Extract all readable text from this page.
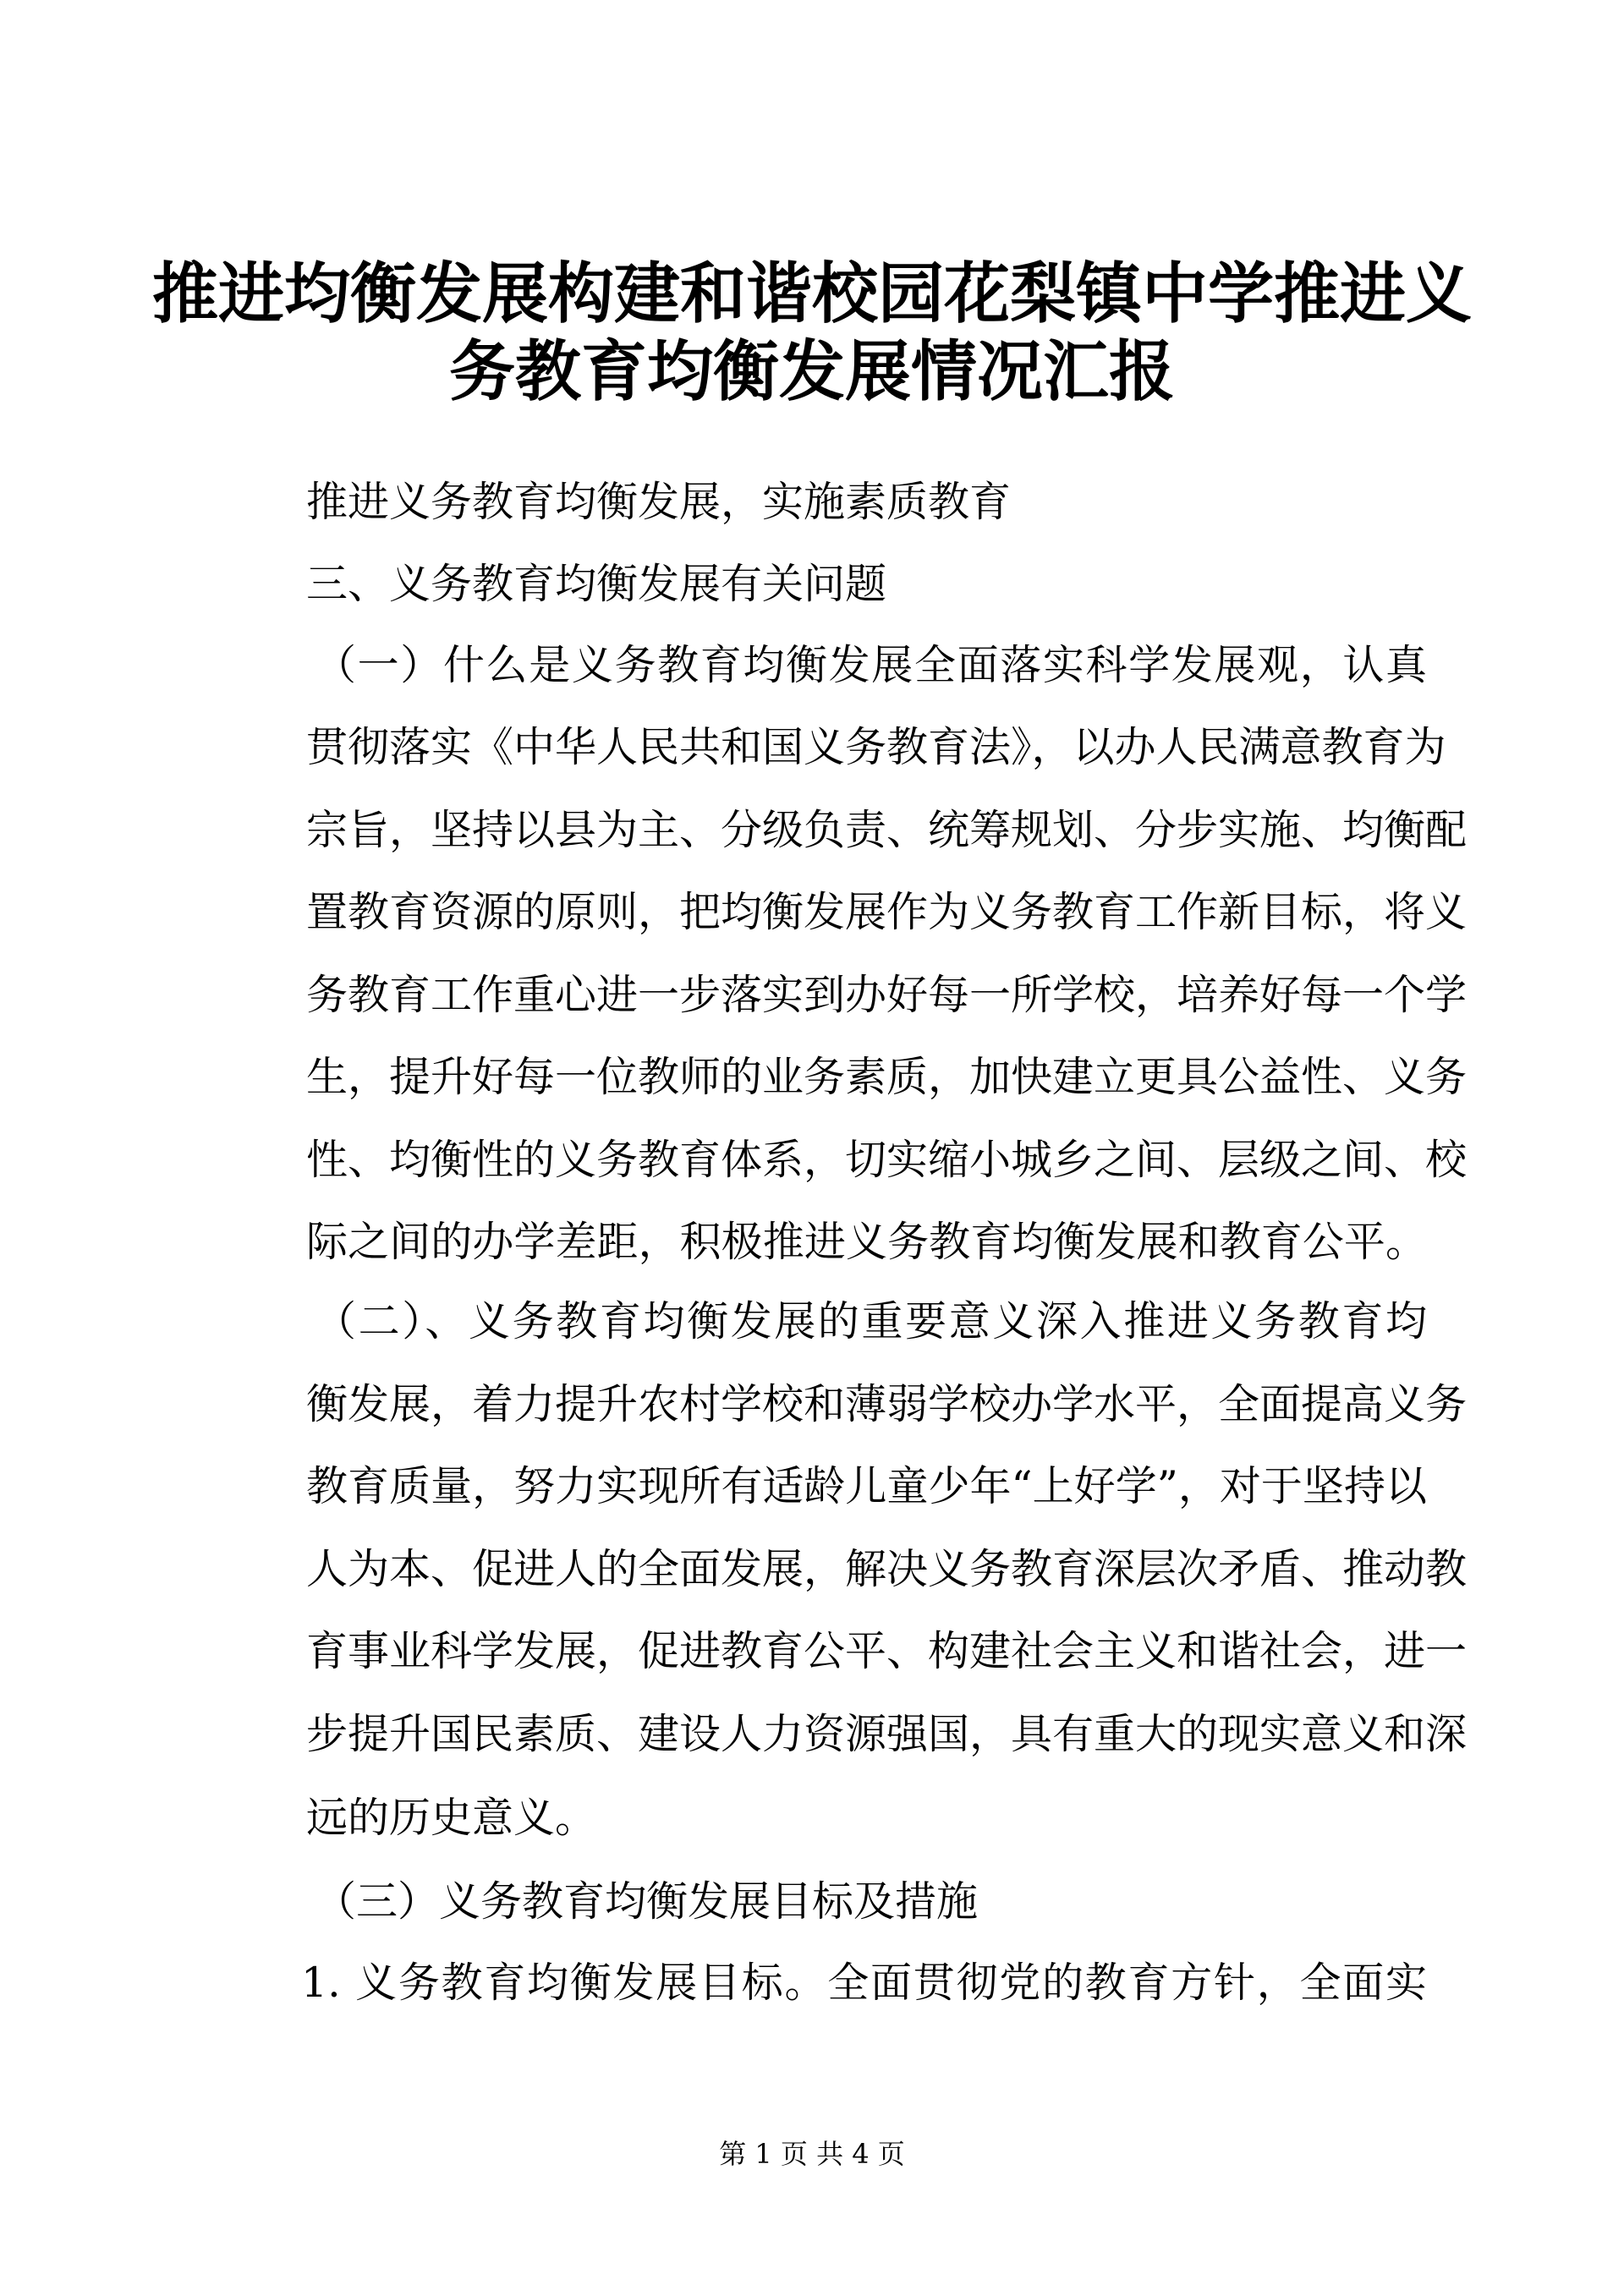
推进均衡发展构建和谐校园花梨镇中学推进义
务教育均衡发展情况汇报
推进义务教育均衡发展，实施素质教育
三、义务教育均衡发展有关问题
（一）什么是义务教育均衡发展全面落实科学发展观，认真
贯彻落实《中华人民共和国义务教育法》，以办人民满意教育为
宗旨，坚持以县为主、分级负责、统筹规划、分步实施、均衡配
置教育资源的原则，把均衡发展作为义务教育工作新目标，将义
务教育工作重心进一步落实到办好每一所学校，培养好每一个学
生，提升好每一位教师的业务素质，加快建立更具公益性、义务
性、均衡性的义务教育体系，切实缩小城乡之间、层级之间、校
际之间的办学差距，积极推进义务教育均衡发展和教育公平。
（二）、义务教育均衡发展的重要意义深入推进义务教育均
衡发展，着力提升农村学校和薄弱学校办学水平，全面提高义务
教育质量，努力实现所有适龄儿童少年“上好学”，对于坚持以
人为本、促进人的全面发展，解决义务教育深层次矛盾、推动教
育事业科学发展，促进教育公平、构建社会主义和谐社会，进一
步提升国民素质、建设人力资源强国，具有重大的现实意义和深
远的历史意义。
（三）义务教育均衡发展目标及措施
1. 义务教育均衡发展目标。全面贯彻党的教育方针，全面实
第 1 页 共 4 页
